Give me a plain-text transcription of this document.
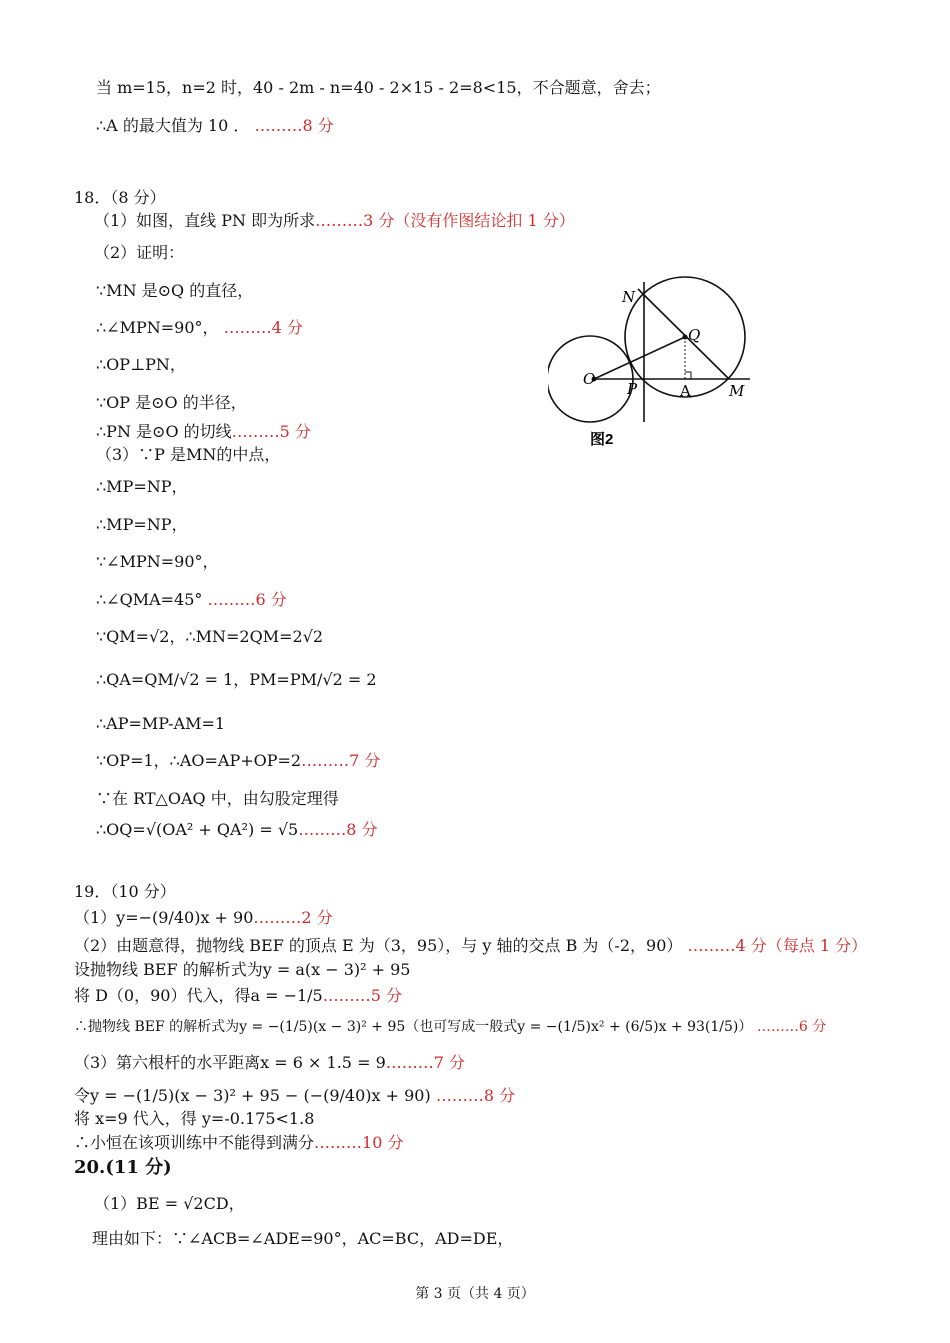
当 m=15，n=2 时，40 - 2m - n=40 - 2×15 - 2=8<15，不合题意，舍去；
∴A 的最大值为 10 ． ………8 分
18．（8 分）
（1）如图，直线 PN 即为所求………3 分（没有作图结论扣 1 分）
（2）证明：
∵MN 是⊙Q 的直径，
∴∠MPN=90°， ………4 分
∴OP⊥PN，
∵OP 是⊙O 的半径，
∴PN 是⊙O 的切线………5 分
（3）∵P 是MN的中点，
∴MP=NP，
∴MP=NP，
∵∠MPN=90°，
∴∠QMA=45° ………6 分
∵QM=√2，∴MN=2QM=2√2
∴QA=QM/√2 = 1，PM=PM/√2 = 2
∴AP=MP-AM=1
∵OP=1，∴AO=AP+OP=2………7 分
∵在 RT△OAQ 中，由勾股定理得
∴OQ=√(OA² + QA²) = √5………8 分
N
Q
O
P	A	M
图2
19．（10 分）
（1）y=−(9/40)x + 90………2 分
（2）由题意得，抛物线 BEF 的顶点 E 为（3，95），与 y 轴的交点 B 为（-2，90） ………4 分（每点 1 分）
设抛物线 BEF 的解析式为y = a(x − 3)² + 95
将 D（0，90）代入，得a = −1/5………5 分
∴抛物线 BEF 的解析式为y = −(1/5)(x − 3)² + 95（也可写成一般式y = −(1/5)x² + (6/5)x + 93(1/5)） ………6 分
（3）第六根杆的水平距离x = 6 × 1.5 = 9………7 分
令y = −(1/5)(x − 3)² + 95 − (−(9/40)x + 90) ………8 分
将 x=9 代入，得 y=-0.175<1.8
∴小恒在该项训练中不能得到满分………10 分
20.(11 分)
（1）BE = √2CD，
理由如下：∵∠ACB=∠ADE=90°，AC=BC，AD=DE，
第 3 页（共 4 页）
